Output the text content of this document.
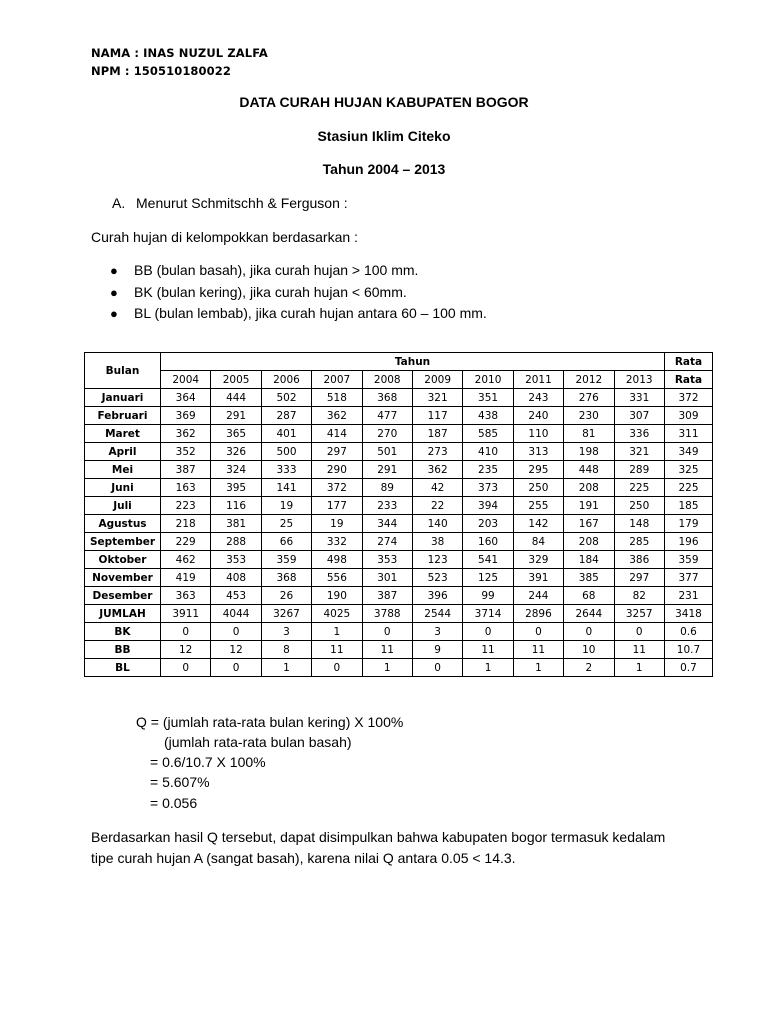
NAMA : INAS NUZUL ZALFA
NPM : 150510180022
DATA CURAH HUJAN KABUPATEN BOGOR
Stasiun Iklim Citeko
Tahun 2004 – 2013
A. Menurut Schmitschh & Ferguson :
Curah hujan di kelompokkan berdasarkan :
● BB (bulan basah), jika curah hujan > 100 mm.
● BK (bulan kering), jika curah hujan < 60mm.
● BL (bulan lembab), jika curah hujan antara 60 – 100 mm.
Bulan	Tahun										Rata
	2004	2005	2006	2007	2008	2009	2010	2011	2012	2013	Rata
Januari	364	444	502	518	368	321	351	243	276	331	372
Februari	369	291	287	362	477	117	438	240	230	307	309
Maret	362	365	401	414	270	187	585	110	81	336	311
April	352	326	500	297	501	273	410	313	198	321	349
Mei	387	324	333	290	291	362	235	295	448	289	325
Juni	163	395	141	372	89	42	373	250	208	225	225
Juli	223	116	19	177	233	22	394	255	191	250	185
Agustus	218	381	25	19	344	140	203	142	167	148	179
September	229	288	66	332	274	38	160	84	208	285	196
Oktober	462	353	359	498	353	123	541	329	184	386	359
November	419	408	368	556	301	523	125	391	385	297	377
Desember	363	453	26	190	387	396	99	244	68	82	231
JUMLAH	3911	4044	3267	4025	3788	2544	3714	2896	2644	3257	3418
BK	0	0	3	1	0	3	0	0	0	0	0.6
BB	12	12	8	11	11	9	11	11	10	11	10.7
BL	0	0	1	0	1	0	1	1	2	1	0.7
Q = (jumlah rata-rata bulan kering) X 100%
(jumlah rata-rata bulan basah)
= 0.6/10.7 X 100%
= 5.607%
= 0.056
Berdasarkan hasil Q tersebut, dapat disimpulkan bahwa kabupaten bogor termasuk kedalam tipe curah hujan A (sangat basah), karena nilai Q antara 0.05 < 14.3.
